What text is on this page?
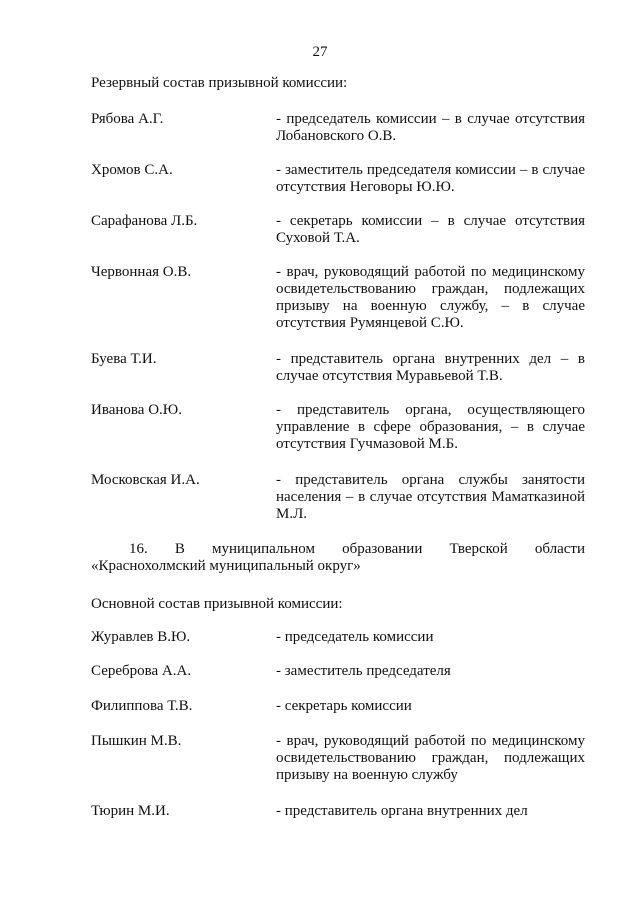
27
Резервный состав призывной комиссии:
Рябова А.Г.	- председатель комиссии – в случае отсутствия Лобановского О.В.
Хромов С.А.	- заместитель председателя комиссии – в случае отсутствия Неговоры Ю.Ю.
Сарафанова Л.Б.	- секретарь комиссии – в случае отсутствия Суховой Т.А.
Червонная О.В.	- врач, руководящий работой по медицинскому освидетельствованию граждан, подлежащих призыву на военную службу, – в случае отсутствия Румянцевой С.Ю.
Буева Т.И.	- представитель органа внутренних дел – в случае отсутствия Муравьевой Т.В.
Иванова О.Ю.	- представитель органа, осуществляющего управление в сфере образования, – в случае отсутствия Гучмазовой М.Б.
Московская И.А.	- представитель органа службы занятости населения – в случае отсутствия Маматказиной М.Л.
16. В муниципальном образовании Тверской области «Краснохолмский муниципальный округ»
Основной состав призывной комиссии:
Журавлев В.Ю.	- председатель комиссии
Сереброва А.А.	- заместитель председателя
Филиппова Т.В.	- секретарь комиссии
Пышкин М.В.	- врач, руководящий работой по медицинскому освидетельствованию граждан, подлежащих призыву на военную службу
Тюрин М.И.	- представитель органа внутренних дел
